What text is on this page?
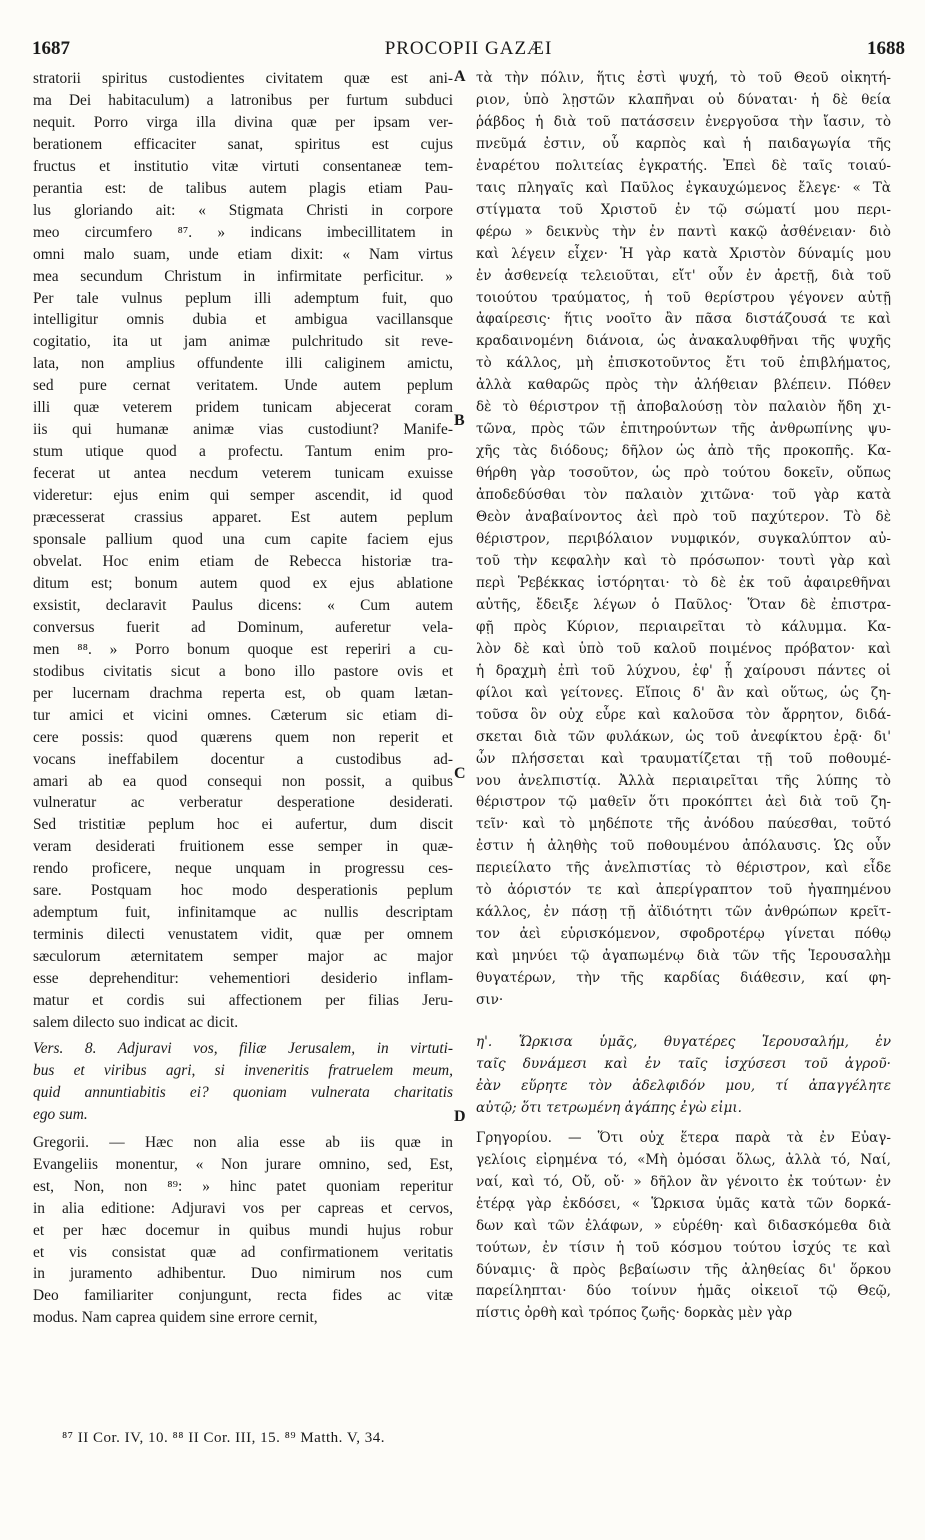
1687	PROCOPII GAZÆI	1688
A
B
C
D
stratorii spiritus custodientes civitatem quæ est ani-
ma Dei habitaculum) a latronibus per furtum subduci
nequit. Porro virga illa divina quæ per ipsam ver-
berationem efficaciter sanat, spiritus est cujus
fructus et institutio vitæ virtuti consentaneæ tem-
perantia est: de talibus autem plagis etiam Pau-
lus gloriando ait: « Stigmata Christi in corpore
meo circumfero ⁸⁷. » indicans imbecillitatem in
omni malo suam, unde etiam dixit: « Nam virtus
mea secundum Christum in infirmitate perficitur. »
Per tale vulnus peplum illi ademptum fuit, quo
intelligitur omnis dubia et ambigua vacillansque
cogitatio, ita ut jam animæ pulchritudo sit reve-
lata, non amplius offundente illi caliginem amictu,
sed pure cernat veritatem. Unde autem peplum
illi quæ veterem pridem tunicam abjecerat coram
iis qui humanæ animæ vias custodiunt? Manife-
stum utique quod a profectu. Tantum enim pro-
fecerat ut antea necdum veterem tunicam exuisse
videretur: ejus enim qui semper ascendit, id quod
præcesserat crassius apparet. Est autem peplum
sponsale pallium quod una cum capite faciem ejus
obvelat. Hoc enim etiam de Rebecca historiæ tra-
ditum est; bonum autem quod ex ejus ablatione
exsistit, declaravit Paulus dicens: « Cum autem
conversus fuerit ad Dominum, auferetur vela-
men ⁸⁸. » Porro bonum quoque est reperiri a cu-
stodibus civitatis sicut a bono illo pastore ovis et
per lucernam drachma reperta est, ob quam lætan-
tur amici et vicini omnes. Cæterum sic etiam di-
cere possis: quod quærens quem non reperit et
vocans ineffabilem docentur a custodibus ad-
amari ab ea quod consequi non possit, a quibus
vulneratur ac verberatur desperatione desiderati.
Sed tristitiæ peplum hoc ei aufertur, dum discit
veram desiderati fruitionem esse semper in quæ-
rendo proficere, neque unquam in progressu ces-
sare. Postquam hoc modo desperationis peplum
ademptum fuit, infinitamque ac nullis descriptam
terminis dilecti venustatem vidit, quæ per omnem
sæculorum æternitatem semper major ac major
esse deprehenditur: vehementiori desiderio inflam-
matur et cordis sui affectionem per filias Jeru-
salem dilecto suo indicat ac dicit.
Vers. 8. Adjuravi vos, filiæ Jerusalem, in virtuti-
bus et viribus agri, si inveneritis fratruelem meum,
quid annuntiabitis ei? quoniam vulnerata charitatis
ego sum.
Gregorii. — Hæc non alia esse ab iis quæ in
Evangeliis monentur, « Non jurare omnino, sed, Est,
est, Non, non ⁸⁹: » hinc patet quoniam reperitur
in alia editione: Adjuravi vos per capreas et cervos,
et per hæc docemur in quibus mundi hujus robur
et vis consistat quæ ad confirmationem veritatis
in juramento adhibentur. Duo nimirum nos cum
Deo familiariter conjungunt, recta fides ac vitæ
modus. Nam caprea quidem sine errore cernit,
τὰ τὴν πόλιν, ἥτις ἐστὶ ψυχή, τὸ τοῦ Θεοῦ οἰκητή-
ριον, ὑπὸ λῃστῶν κλαπῆναι οὐ δύναται· ἡ δὲ θεία
ῥάβδος ἡ διὰ τοῦ πατάσσειν ἐνεργοῦσα τὴν ἴασιν, τὸ
πνεῦμά ἐστιν, οὗ καρπὸς καὶ ἡ παιδαγωγία τῆς
ἐναρέτου πολιτείας ἐγκρατής. Ἐπεὶ δὲ ταῖς τοιαύ-
ταις πληγαῖς καὶ Παῦλος ἐγκαυχώμενος ἔλεγε· « Τὰ
στίγματα τοῦ Χριστοῦ ἐν τῷ σώματί μου περι-
φέρω » δεικνὺς τὴν ἐν παντὶ κακῷ ἀσθένειαν· διὸ
καὶ λέγειν εἶχεν· Ἡ γὰρ κατὰ Χριστὸν δύναμίς μου
ἐν ἀσθενείᾳ τελειοῦται, εἴτ' οὖν ἐν ἀρετῇ, διὰ τοῦ
τοιούτου τραύματος, ἡ τοῦ θερίστρου γέγονεν αὐτῇ
ἀφαίρεσις· ἥτις νοοῖτο ἂν πᾶσα διστάζουσά τε καὶ
κραδαινομένη διάνοια, ὡς ἀνακαλυφθῆναι τῆς ψυχῆς
τὸ κάλλος, μὴ ἐπισκοτοῦντος ἔτι τοῦ ἐπιβλήματος,
ἀλλὰ καθαρῶς πρὸς τὴν ἀλήθειαν βλέπειν. Πόθεν
δὲ τὸ θέριστρον τῇ ἀποβαλούσῃ τὸν παλαιὸν ἤδη χι-
τῶνα, πρὸς τῶν ἐπιτηρούντων τῆς ἀνθρωπίνης ψυ-
χῆς τὰς διόδους; δῆλον ὡς ἀπὸ τῆς προκοπῆς. Κα-
θήρθη γὰρ τοσοῦτον, ὡς πρὸ τούτου δοκεῖν, οὔπως
ἀποδεδύσθαι τὸν παλαιὸν χιτῶνα· τοῦ γὰρ κατὰ
Θεὸν ἀναβαίνοντος ἀεὶ πρὸ τοῦ παχύτερον. Τὸ δὲ
θέριστρον, περιβόλαιον νυμφικόν, συγκαλύπτον αὐ-
τοῦ τὴν κεφαλὴν καὶ τὸ πρόσωπον· τουτὶ γὰρ καὶ
περὶ Ῥεβέκκας ἱστόρηται· τὸ δὲ ἐκ τοῦ ἀφαιρεθῆναι
αὐτῆς, ἔδειξε λέγων ὁ Παῦλος· Ὅταν δὲ ἐπιστρα-
φῇ πρὸς Κύριον, περιαιρεῖται τὸ κάλυμμα. Κα-
λὸν δὲ καὶ ὑπὸ τοῦ καλοῦ ποιμένος πρόβατον· καὶ
ἡ δραχμὴ ἐπὶ τοῦ λύχνου, ἐφ' ᾗ χαίρουσι πάντες οἱ
φίλοι καὶ γείτονες. Εἴποις δ' ἂν καὶ οὕτως, ὡς ζη-
τοῦσα ὃν οὐχ εὗρε καὶ καλοῦσα τὸν ἄρρητον, διδά-
σκεται διὰ τῶν φυλάκων, ὡς τοῦ ἀνεφίκτου ἐρᾷ· δι'
ὧν πλήσσεται καὶ τραυματίζεται τῇ τοῦ ποθουμέ-
νου ἀνελπιστίᾳ. Ἀλλὰ περιαιρεῖται τῆς λύπης τὸ
θέριστρον τῷ μαθεῖν ὅτι προκόπτει ἀεὶ διὰ τοῦ ζη-
τεῖν· καὶ τὸ μηδέποτε τῆς ἀνόδου παύεσθαι, τοῦτό
ἐστιν ἡ ἀληθὴς τοῦ ποθουμένου ἀπόλαυσις. Ὡς οὖν
περιείλατο τῆς ἀνελπιστίας τὸ θέριστρον, καὶ εἶδε
τὸ ἀόριστόν τε καὶ ἀπερίγραπτον τοῦ ἠγαπημένου
κάλλος, ἐν πάσῃ τῇ ἀϊδιότητι τῶν ἀνθρώπων κρεῖτ-
τον ἀεὶ εὑρισκόμενον, σφοδροτέρῳ γίνεται πόθῳ
καὶ μηνύει τῷ ἀγαπωμένῳ διὰ τῶν τῆς Ἱερουσαλὴμ
θυγατέρων, τὴν τῆς καρδίας διάθεσιν, καί φη-
σιν·
η'. Ὥρκισα ὑμᾶς, θυγατέρες Ἱερουσαλήμ, ἐν
ταῖς δυνάμεσι καὶ ἐν ταῖς ἰσχύσεσι τοῦ ἀγροῦ·
ἐὰν εὕρητε τὸν ἀδελφιδόν μου, τί ἀπαγγέλητε
αὐτῷ; ὅτι τετρωμένη ἀγάπης ἐγὼ εἰμι.
Γρηγορίου. — Ὅτι οὐχ ἕτερα παρὰ τὰ ἐν Εὐαγ-
γελίοις εἰρημένα τό, «Μὴ ὀμόσαι ὅλως, ἀλλὰ τό, Ναί,
ναί, καὶ τό, Οὔ, οὔ· » δῆλον ἂν γένοιτο ἐκ τούτων· ἐν
ἑτέρᾳ γὰρ ἐκδόσει, « Ὥρκισα ὑμᾶς κατὰ τῶν δορκά-
δων καὶ τῶν ἐλάφων, » εὑρέθη· καὶ διδασκόμεθα διὰ
τούτων, ἐν τίσιν ἡ τοῦ κόσμου τούτου ἰσχύς τε καὶ
δύναμις· ἃ πρὸς βεβαίωσιν τῆς ἀληθείας δι' ὅρκου
παρείληπται· δύο τοίνυν ἡμᾶς οἰκειοῖ τῷ Θεῷ,
πίστις ὀρθὴ καὶ τρόπος ζωῆς· δορκὰς μὲν γὰρ
⁸⁷ II Cor. IV, 10. ⁸⁸ II Cor. III, 15. ⁸⁹ Matth. V, 34.
